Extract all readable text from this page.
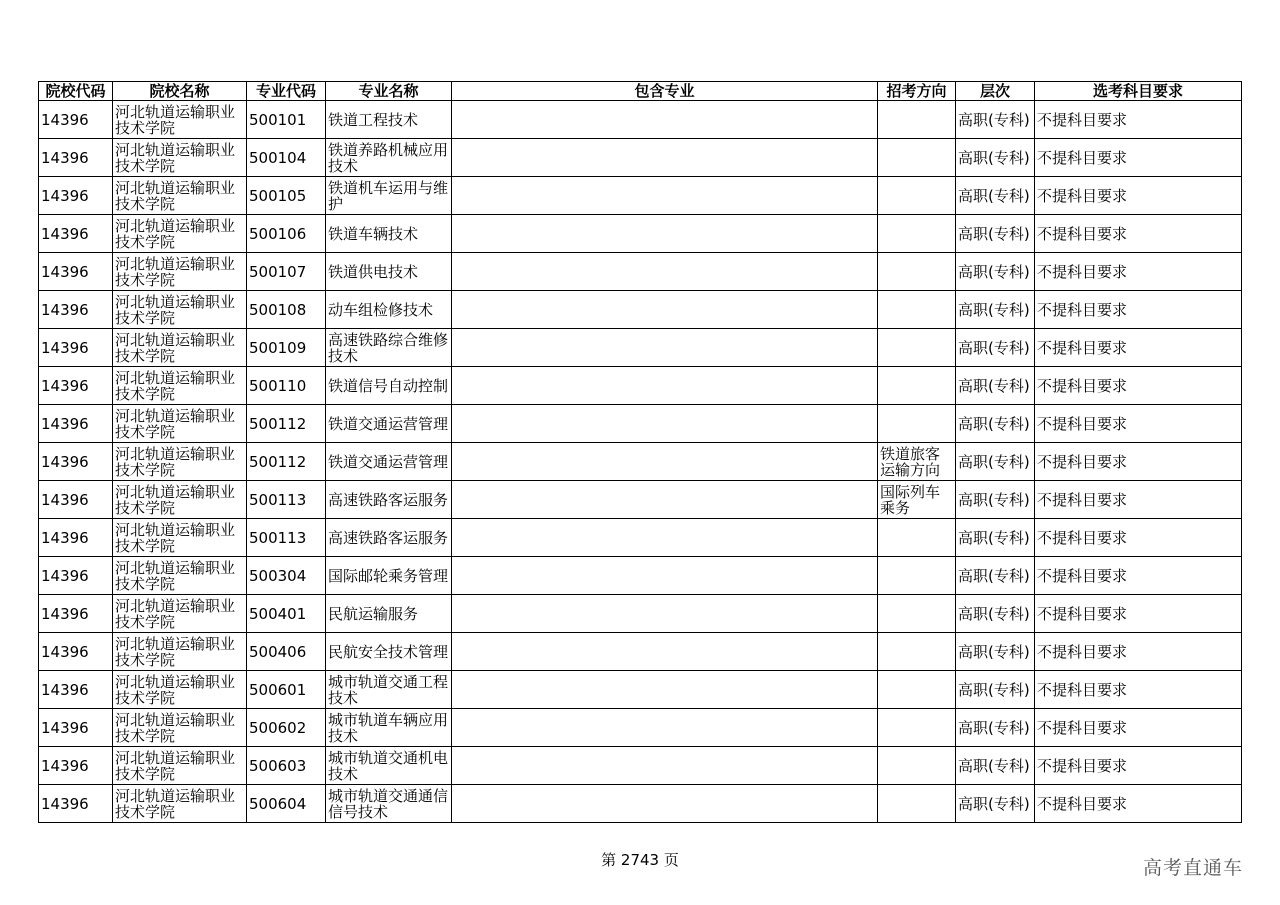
院校代码	院校名称	专业代码	专业名称	包含专业	招考方向	层次	选考科目要求
14396	河北轨道运输职业技术学院	500101	铁道工程技术			高职(专科)	不提科目要求
14396	河北轨道运输职业技术学院	500104	铁道养路机械应用技术			高职(专科)	不提科目要求
14396	河北轨道运输职业技术学院	500105	铁道机车运用与维护			高职(专科)	不提科目要求
14396	河北轨道运输职业技术学院	500106	铁道车辆技术			高职(专科)	不提科目要求
14396	河北轨道运输职业技术学院	500107	铁道供电技术			高职(专科)	不提科目要求
14396	河北轨道运输职业技术学院	500108	动车组检修技术			高职(专科)	不提科目要求
14396	河北轨道运输职业技术学院	500109	高速铁路综合维修技术			高职(专科)	不提科目要求
14396	河北轨道运输职业技术学院	500110	铁道信号自动控制			高职(专科)	不提科目要求
14396	河北轨道运输职业技术学院	500112	铁道交通运营管理			高职(专科)	不提科目要求
14396	河北轨道运输职业技术学院	500112	铁道交通运营管理		铁道旅客运输方向	高职(专科)	不提科目要求
14396	河北轨道运输职业技术学院	500113	高速铁路客运服务		国际列车乘务	高职(专科)	不提科目要求
14396	河北轨道运输职业技术学院	500113	高速铁路客运服务			高职(专科)	不提科目要求
14396	河北轨道运输职业技术学院	500304	国际邮轮乘务管理			高职(专科)	不提科目要求
14396	河北轨道运输职业技术学院	500401	民航运输服务			高职(专科)	不提科目要求
14396	河北轨道运输职业技术学院	500406	民航安全技术管理			高职(专科)	不提科目要求
14396	河北轨道运输职业技术学院	500601	城市轨道交通工程技术			高职(专科)	不提科目要求
14396	河北轨道运输职业技术学院	500602	城市轨道车辆应用技术			高职(专科)	不提科目要求
14396	河北轨道运输职业技术学院	500603	城市轨道交通机电技术			高职(专科)	不提科目要求
14396	河北轨道运输职业技术学院	500604	城市轨道交通通信信号技术			高职(专科)	不提科目要求
第 2743 页	高考直通车
